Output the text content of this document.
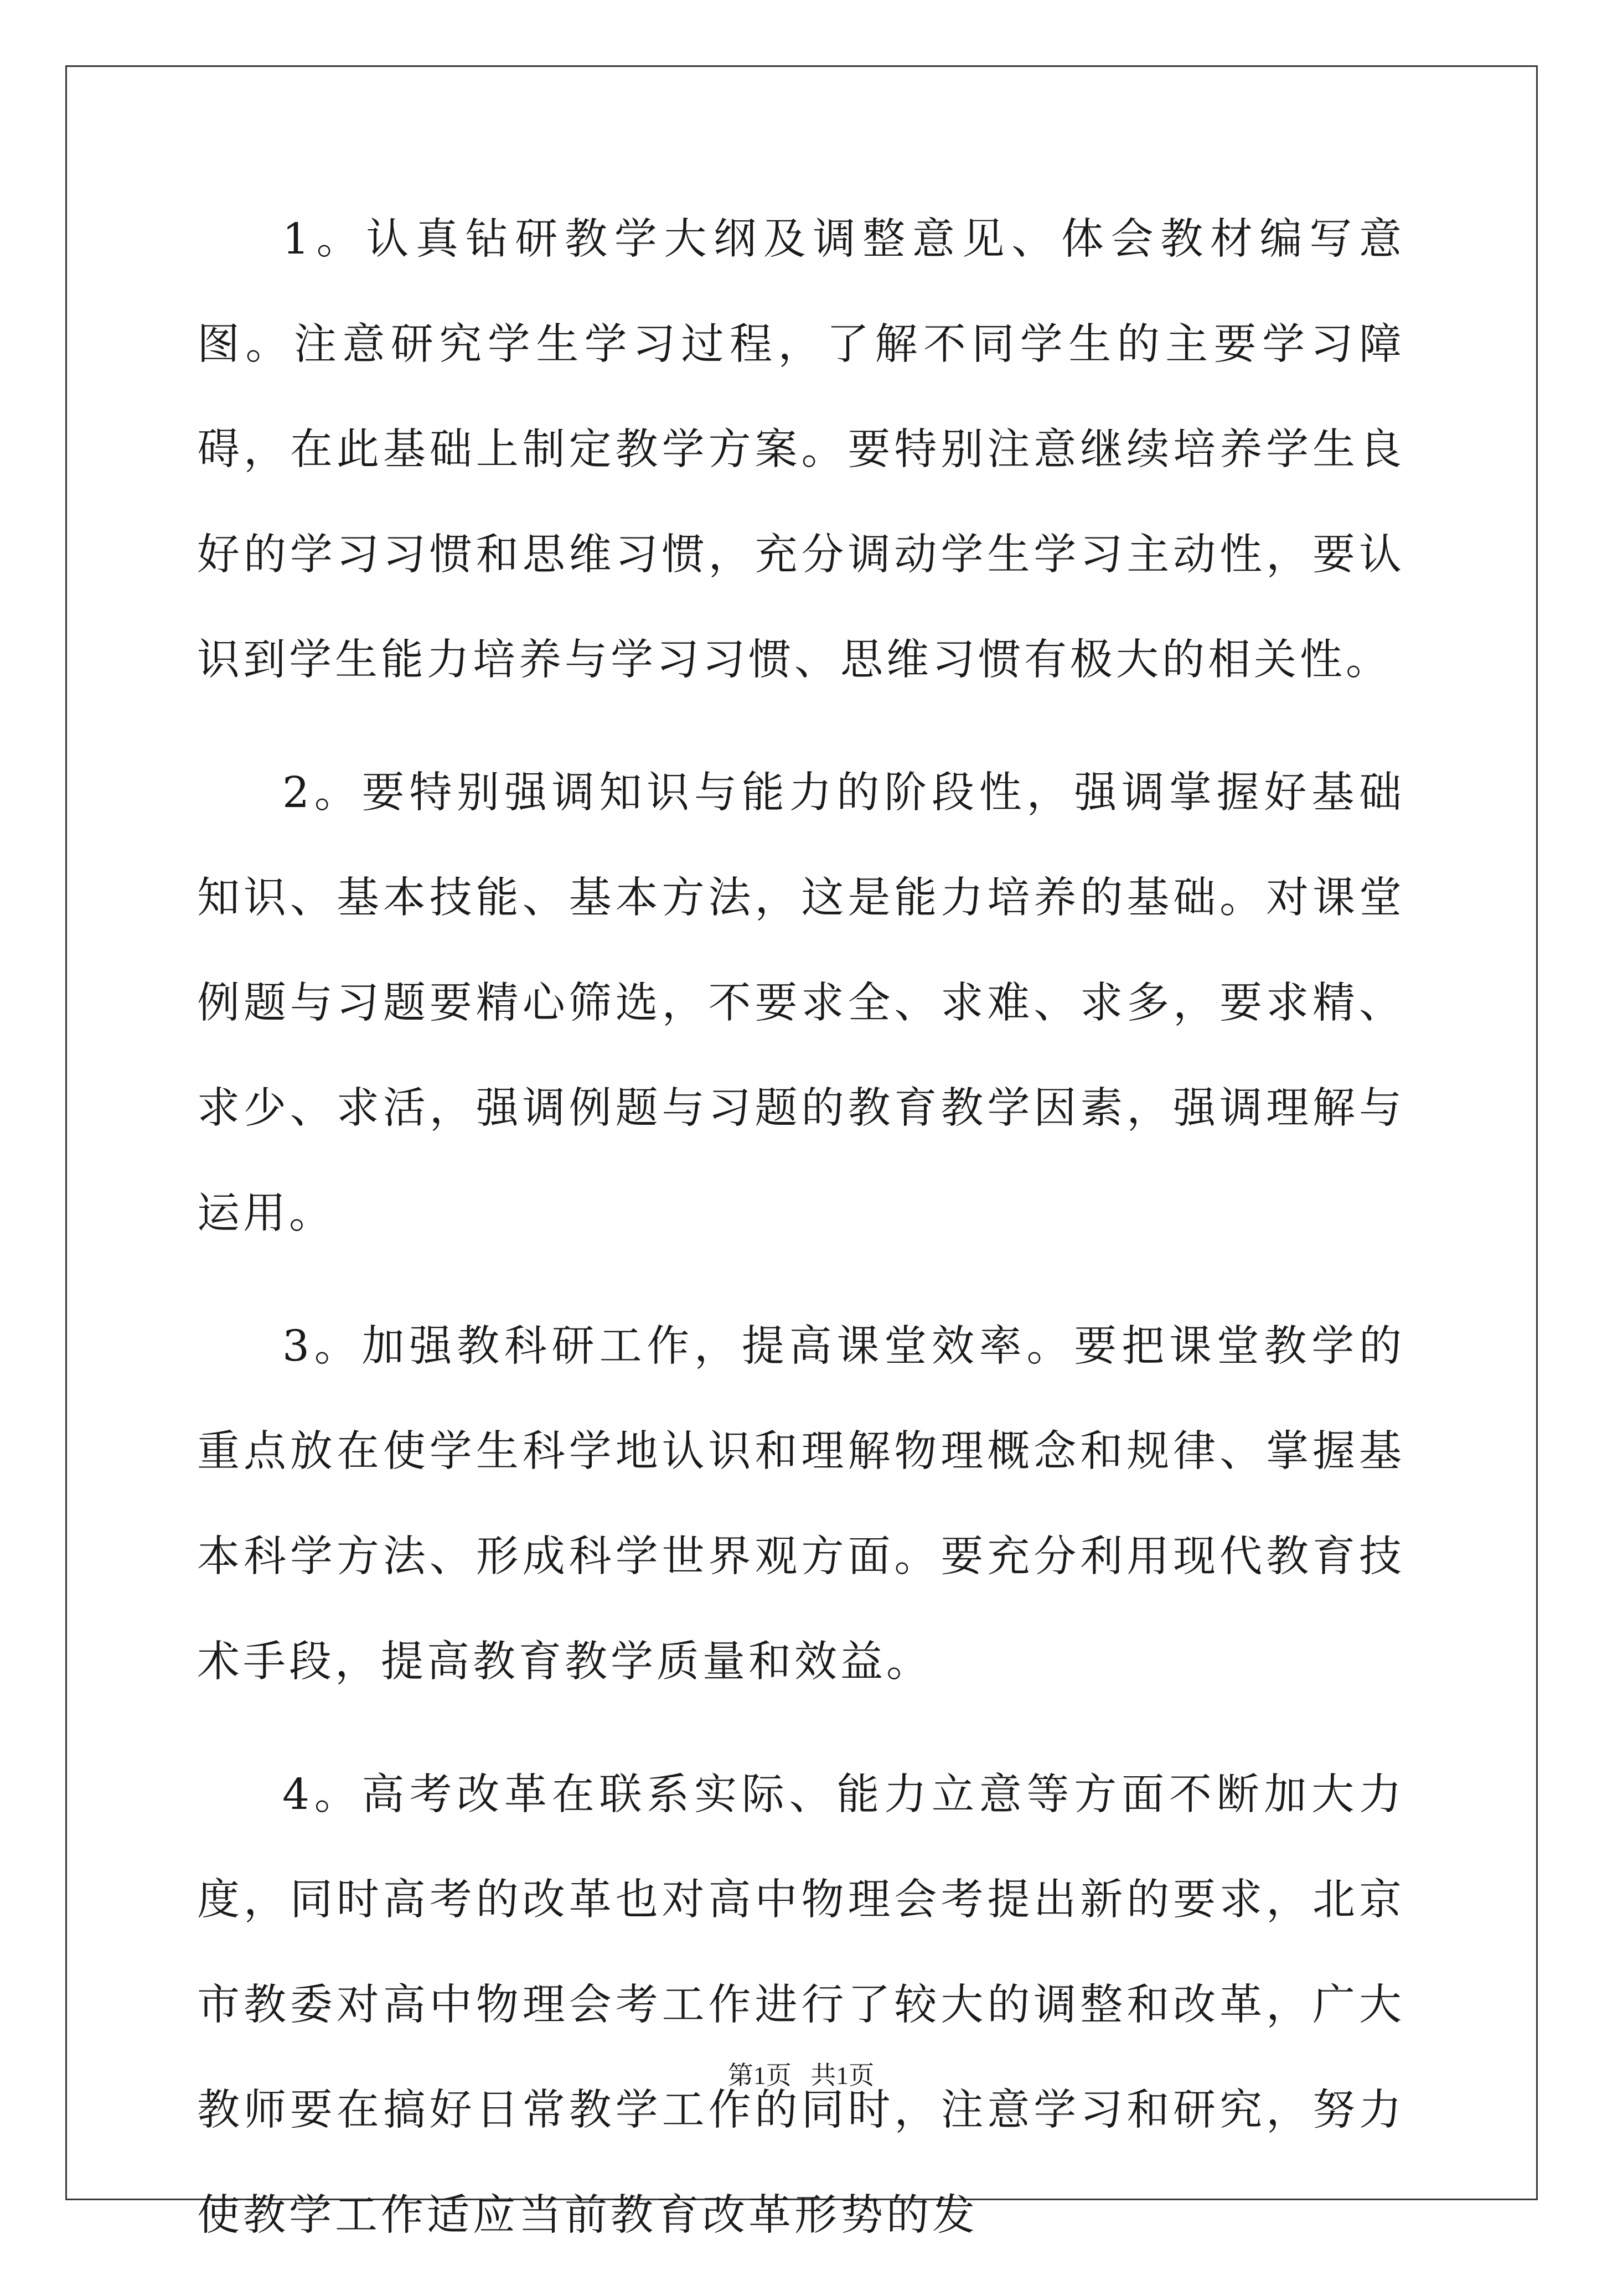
1。认真钻研教学大纲及调整意见、体会教材编写意图。注意研究学生学习过程，了解不同学生的主要学习障碍，在此基础上制定教学方案。要特别注意继续培养学生良好的学习习惯和思维习惯，充分调动学生学习主动性，要认识到学生能力培养与学习习惯、思维习惯有极大的相关性。

2。要特别强调知识与能力的阶段性，强调掌握好基础知识、基本技能、基本方法，这是能力培养的基础。对课堂例题与习题要精心筛选，不要求全、求难、求多，要求精、求少、求活，强调例题与习题的教育教学因素，强调理解与运用。

3。加强教科研工作，提高课堂效率。要把课堂教学的重点放在使学生科学地认识和理解物理概念和规律、掌握基本科学方法、形成科学世界观方面。要充分利用现代教育技术手段，提高教育教学质量和效益。

4。高考改革在联系实际、能力立意等方面不断加大力度，同时高考的改革也对高中物理会考提出新的要求，北京市教委对高中物理会考工作进行了较大的调整和改革，广大教师要在搞好日常教学工作的同时，注意学习和研究，努力使教学工作适应当前教育改革形势的发

第1页   共1页
